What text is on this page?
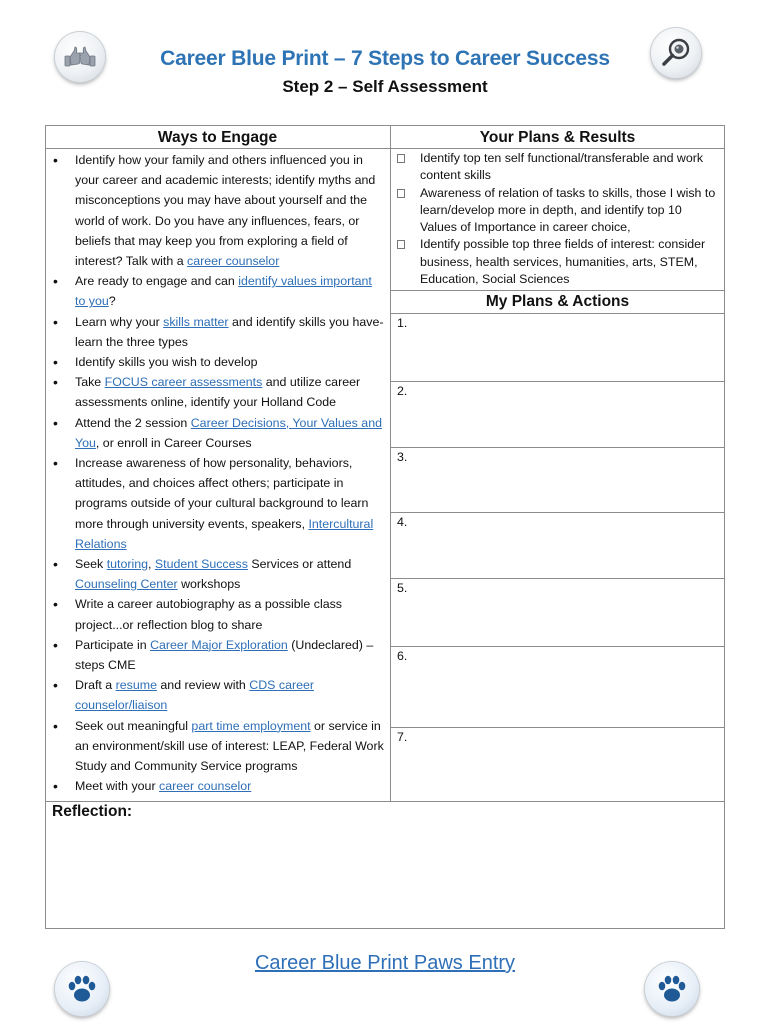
Career Blue Print – 7 Steps to Career Success
Step 2 – Self Assessment
Ways to Engage	Your Plans & Results
• Identify how your family and others influenced you in your career and academic interests; identify myths and misconceptions you may have about yourself and the world of work. Do you have any influences, fears, or beliefs that may keep you from exploring a field of interest? Talk with a career counselor
• Are ready to engage and can identify values important to you?
• Learn why your skills matter and identify skills you have-learn the three types
• Identify skills you wish to develop
• Take FOCUS career assessments and utilize career assessments online, identify your Holland Code
• Attend the 2 session Career Decisions, Your Values and You, or enroll in Career Courses
• Increase awareness of how personality, behaviors, attitudes, and choices affect others; participate in programs outside of your cultural background to learn more through university events, speakers, Intercultural Relations
• Seek tutoring, Student Success Services or attend Counseling Center workshops
• Write a career autobiography as a possible class project...or reflection blog to share
• Participate in Career Major Exploration (Undeclared) – steps CME
• Draft a resume and review with CDS career counselor/liaison
• Seek out meaningful part time employment or service in an environment/skill use of interest: LEAP, Federal Work Study and Community Service programs
• Meet with your career counselor
Identify top ten self functional/transferable and work content skills
Awareness of relation of tasks to skills, those I wish to learn/develop more in depth, and identify top 10 Values of Importance in career choice,
Identify possible top three fields of interest: consider business, health services, humanities, arts, STEM, Education, Social Sciences
My Plans & Actions
1.
2.
3.
4.
5.
6.
7.
Reflection:
Career Blue Print Paws Entry
